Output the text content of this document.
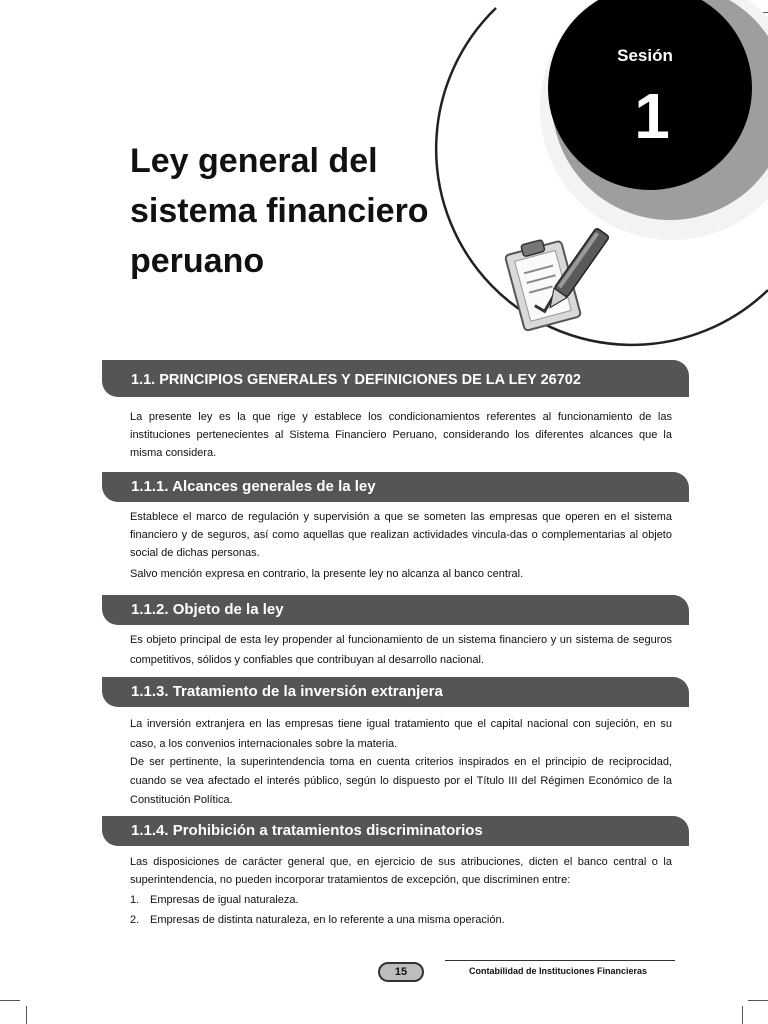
Sesión
1
Ley general del
sistema financiero
peruano
1.1. PRINCIPIOS GENERALES Y DEFINICIONES DE LA LEY 26702
La presente ley es la que rige y establece los condicionamientos referentes al funcionamiento de las instituciones pertenecientes al Sistema Financiero Peruano, considerando los diferentes alcances que la misma considera.
1.1.1. Alcances generales de la ley
Establece el marco de regulación y supervisión a que se someten las empresas que operen en el sistema financiero y de seguros, así como aquellas que realizan actividades vincula-das o complementarias al objeto social de dichas personas.
Salvo mención expresa en contrario, la presente ley no alcanza al banco central.
1.1.2. Objeto de la ley
Es objeto principal de esta ley propender al funcionamiento de un sistema financiero y un sistema de seguros competitivos, sólidos y confiables que contribuyan al desarrollo nacional.
1.1.3. Tratamiento de la inversión extranjera
La inversión extranjera en las empresas tiene igual tratamiento que el capital nacional con sujeción, en su caso, a los convenios internacionales sobre la materia.
De ser pertinente, la superintendencia toma en cuenta criterios inspirados en el principio de reciprocidad, cuando se vea afectado el interés público, según lo dispuesto por el Título III del Régimen Económico de la Constitución Política.
1.1.4. Prohibición a tratamientos discriminatorios
Las disposiciones de carácter general que, en ejercicio de sus atribuciones, dicten el banco central o la superintendencia, no pueden incorporar tratamientos de excepción, que discriminen entre:
1. Empresas de igual naturaleza.
2. Empresas de distinta naturaleza, en lo referente a una misma operación.
15	Contabilidad de Instituciones Financieras
